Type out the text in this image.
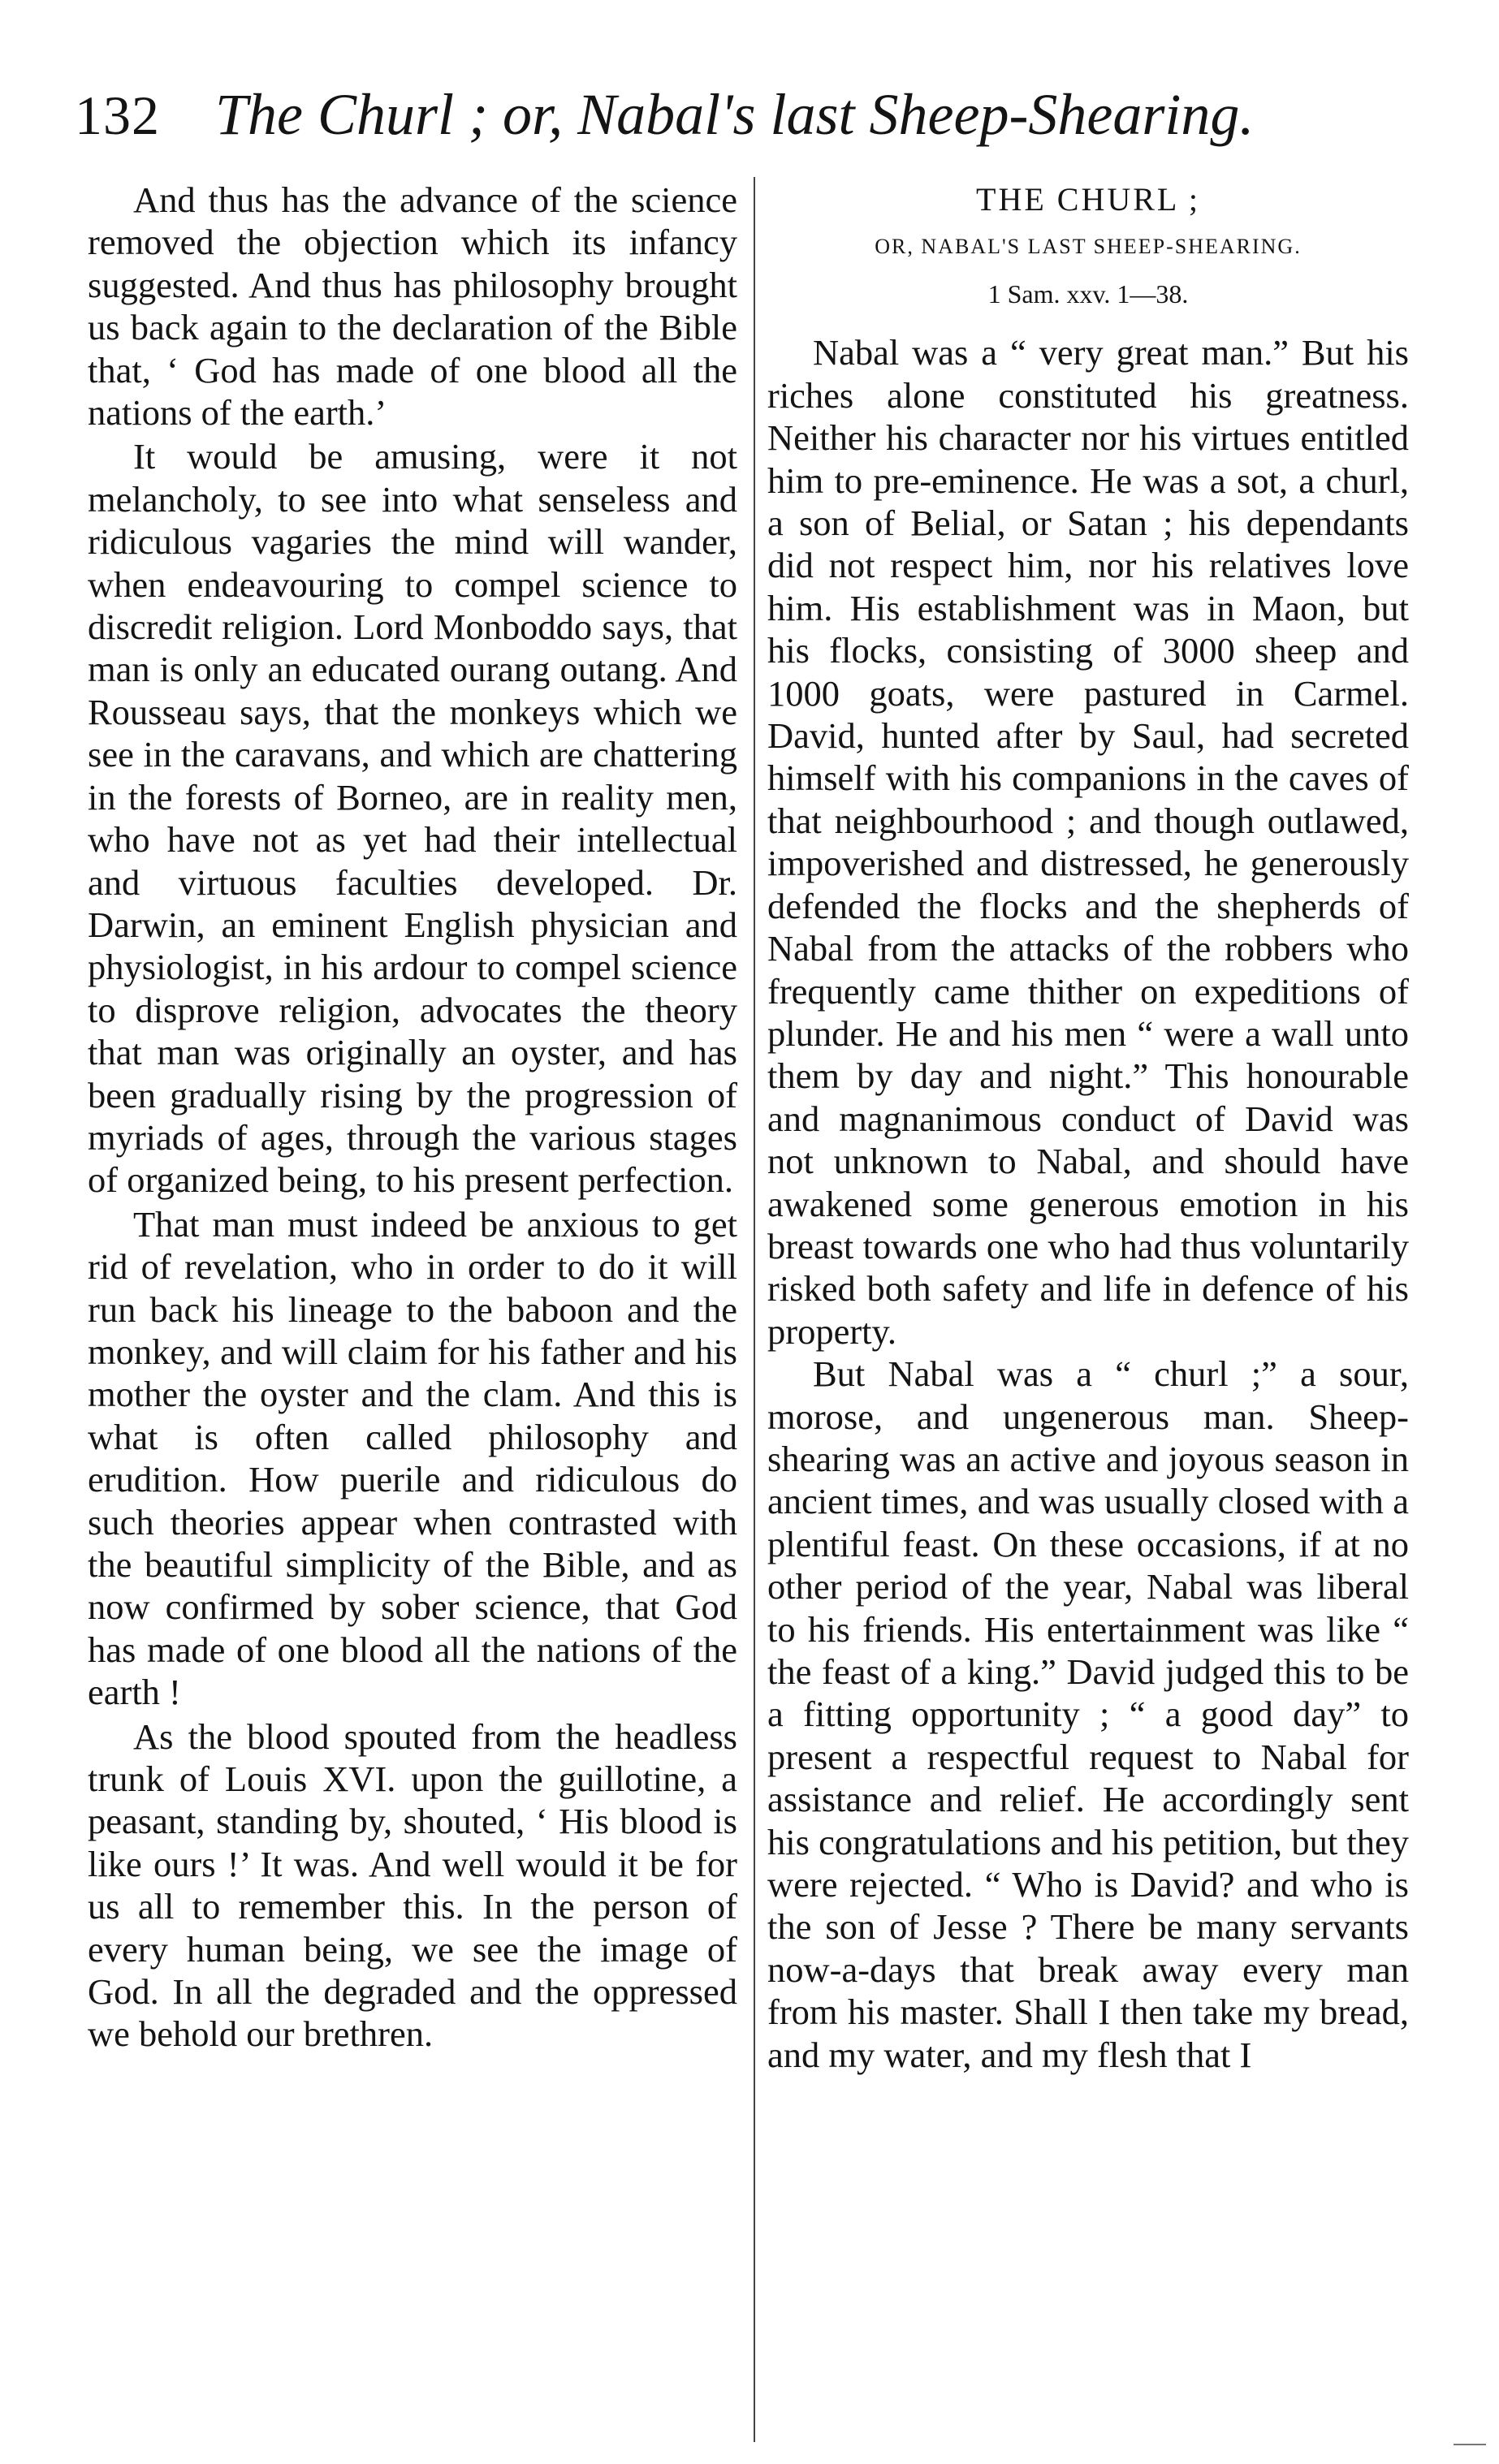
132 The Churl ; or, Nabal's last Sheep-Shearing.

And thus has the advance of the science removed the objection which its infancy suggested. And thus has philosophy brought us back again to the declaration of the Bible that, ‘ God has made of one blood all the nations of the earth.’

It would be amusing, were it not melancholy, to see into what senseless and ridiculous vagaries the mind will wander, when endeavouring to compel science to discredit religion. Lord Monboddo says, that man is only an educated ourang outang. And Rousseau says, that the monkeys which we see in the caravans, and which are chattering in the forests of Borneo, are in reality men, who have not as yet had their intellectual and virtuous faculties developed. Dr. Darwin, an eminent English physician and physiologist, in his ardour to compel science to disprove religion, advocates the theory that man was originally an oyster, and has been gradually rising by the progression of myriads of ages, through the various stages of organized being, to his present perfection.

That man must indeed be anxious to get rid of revelation, who in order to do it will run back his lineage to the baboon and the monkey, and will claim for his father and his mother the oyster and the clam. And this is what is often called philosophy and erudition. How puerile and ridiculous do such theories appear when contrasted with the beautiful simplicity of the Bible, and as now confirmed by sober science, that God has made of one blood all the nations of the earth !

As the blood spouted from the headless trunk of Louis XVI. upon the guillotine, a peasant, standing by, shouted, ‘ His blood is like ours !’ It was. And well would it be for us all to remember this. In the person of every human being, we see the image of God. In all the degraded and the oppressed we behold our brethren.

THE CHURL ;

OR, NABAL'S LAST SHEEP-SHEARING.

1 Sam. xxv. 1—38.

Nabal was a “ very great man.” But his riches alone constituted his greatness. Neither his character nor his virtues entitled him to pre-eminence. He was a sot, a churl, a son of Belial, or Satan ; his dependants did not respect him, nor his relatives love him. His establishment was in Maon, but his flocks, consisting of 3000 sheep and 1000 goats, were pastured in Carmel. David, hunted after by Saul, had secreted himself with his companions in the caves of that neighbourhood ; and though outlawed, impoverished and distressed, he generously defended the flocks and the shepherds of Nabal from the attacks of the robbers who frequently came thither on expeditions of plunder. He and his men “ were a wall unto them by day and night.” This honourable and magnanimous conduct of David was not unknown to Nabal, and should have awakened some generous emotion in his breast towards one who had thus voluntarily risked both safety and life in defence of his property.

But Nabal was a “ churl ;” a sour, morose, and ungenerous man. Sheep-shearing was an active and joyous season in ancient times, and was usually closed with a plentiful feast. On these occasions, if at no other period of the year, Nabal was liberal to his friends. His entertainment was like “ the feast of a king.” David judged this to be a fitting opportunity ; “ a good day” to present a respectful request to Nabal for assistance and relief. He accordingly sent his congratulations and his petition, but they were rejected. “ Who is David? and who is the son of Jesse ? There be many servants now-a-days that break away every man from his master. Shall I then take my bread, and my water, and my flesh that I
